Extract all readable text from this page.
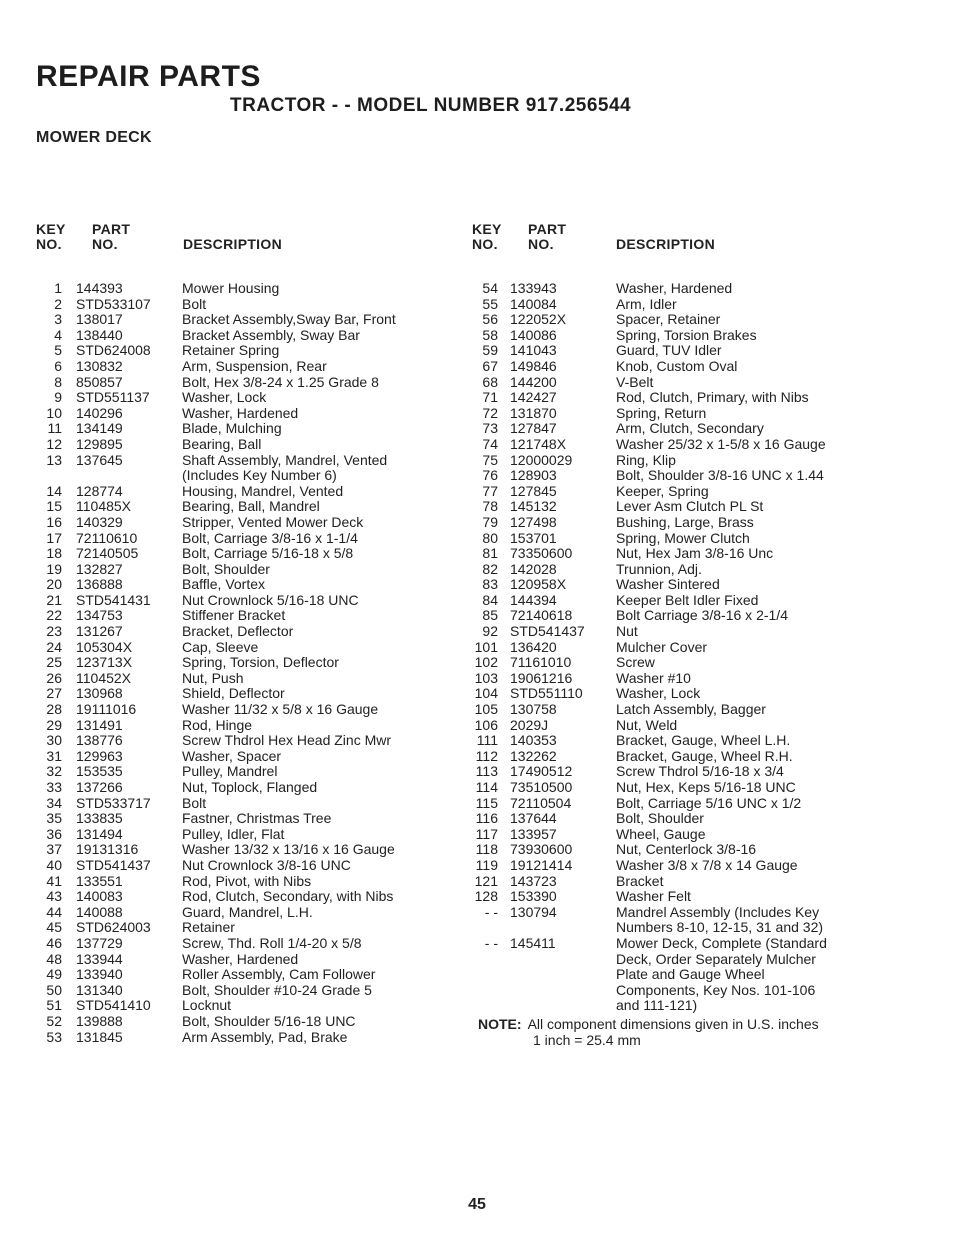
REPAIR PARTS
TRACTOR - - MODEL NUMBER 917.256544
MOWER DECK
KEY
NO.
PART
NO.	DESCRIPTION
KEY
NO.
PART
NO.	DESCRIPTION
1 144393	Mower Housing
2 STD533107 Bolt
3 138017	Bracket Assembly,Sway Bar, Front
4 138440	Bracket Assembly, Sway Bar
5 STD624008 Retainer Spring
6 130832	Arm, Suspension, Rear
8 850857	Bolt, Hex 3/8-24 x 1.25 Grade 8
9 STD551137 Washer, Lock
10 140296	Washer, Hardened
11 134149	Blade, Mulching
12 129895	Bearing, Ball
13 137645	Shaft Assembly, Mandrel, Vented
(Includes Key Number 6)
14 128774	Housing, Mandrel, Vented
15 110485X	Bearing, Ball, Mandrel
16 140329	Stripper, Vented Mower Deck
17 72110610	Bolt, Carriage 3/8-16 x 1-1/4
18 72140505	Bolt, Carriage 5/16-18 x 5/8
19 132827	Bolt, Shoulder
20 136888	Baffle, Vortex
21 STD541431 Nut Crownlock 5/16-18 UNC
22 134753	Stiffener Bracket
23 131267	Bracket, Deflector
24 105304X	Cap, Sleeve
25 123713X	Spring, Torsion, Deflector
26 110452X	Nut, Push
27 130968	Shield, Deflector
28 19111016	Washer 11/32 x 5/8 x 16 Gauge
29 131491	Rod, Hinge
30 138776	Screw Thdrol Hex Head Zinc Mwr
31 129963	Washer, Spacer
32 153535	Pulley, Mandrel
33 137266	Nut, Toplock, Flanged
34 STD533717 Bolt
35 133835	Fastner, Christmas Tree
36 131494	Pulley, Idler, Flat
37 19131316	Washer 13/32 x 13/16 x 16 Gauge
40 STD541437 Nut Crownlock 3/8-16 UNC
41 133551	Rod, Pivot, with Nibs
43 140083	Rod, Clutch, Secondary, with Nibs
44 140088	Guard, Mandrel, L.H.
45 STD624003 Retainer
46 137729	Screw, Thd. Roll 1/4-20 x 5/8
48 133944	Washer, Hardened
49 133940	Roller Assembly, Cam Follower
50 131340	Bolt, Shoulder #10-24 Grade 5
51 STD541410 Locknut
52 139888	Bolt, Shoulder 5/16-18 UNC
53 131845	Arm Assembly, Pad, Brake
54 133943	Washer, Hardened
55 140084	Arm, Idler
56 122052X	Spacer, Retainer
58 140086	Spring, Torsion Brakes
59 141043	Guard, TUV Idler
67 149846	Knob, Custom Oval
68 144200	V-Belt
71 142427	Rod, Clutch, Primary, with Nibs
72 131870	Spring, Return
73 127847	Arm, Clutch, Secondary
74 121748X	Washer 25/32 x 1-5/8 x 16 Gauge
75 12000029	Ring, Klip
76 128903	Bolt, Shoulder 3/8-16 UNC x 1.44
77 127845	Keeper, Spring
78 145132	Lever Asm Clutch PL St
79 127498	Bushing, Large, Brass
80 153701	Spring, Mower Clutch
81 73350600	Nut, Hex Jam 3/8-16 Unc
82 142028	Trunnion, Adj.
83 120958X	Washer Sintered
84 144394	Keeper Belt Idler Fixed
85 72140618	Bolt Carriage 3/8-16 x 2-1/4
92 STD541437 Nut
101 136420	Mulcher Cover
102 71161010	Screw
103 19061216	Washer #10
104 STD551110 Washer, Lock
105 130758	Latch Assembly, Bagger
106 2029J	Nut, Weld
111 140353	Bracket, Gauge, Wheel L.H.
112 132262	Bracket, Gauge, Wheel R.H.
113 17490512	Screw Thdrol 5/16-18 x 3/4
114 73510500	Nut, Hex, Keps 5/16-18 UNC
115 72110504	Bolt, Carriage 5/16 UNC x 1/2
116 137644	Bolt, Shoulder
117 133957	Wheel, Gauge
118 73930600	Nut, Centerlock 3/8-16
119 19121414	Washer 3/8 x 7/8 x 14 Gauge
121 143723	Bracket
128 153390	Washer Felt
- - 130794	Mandrel Assembly (Includes Key
Numbers 8-10, 12-15, 31 and 32)
- - 145411	Mower Deck, Complete (Standard
Deck, Order Separately Mulcher
Plate and Gauge Wheel
Components, Key Nos. 101-106
and 111-121)
NOTE: All component dimensions given in U.S. inches
1 inch = 25.4 mm
45
